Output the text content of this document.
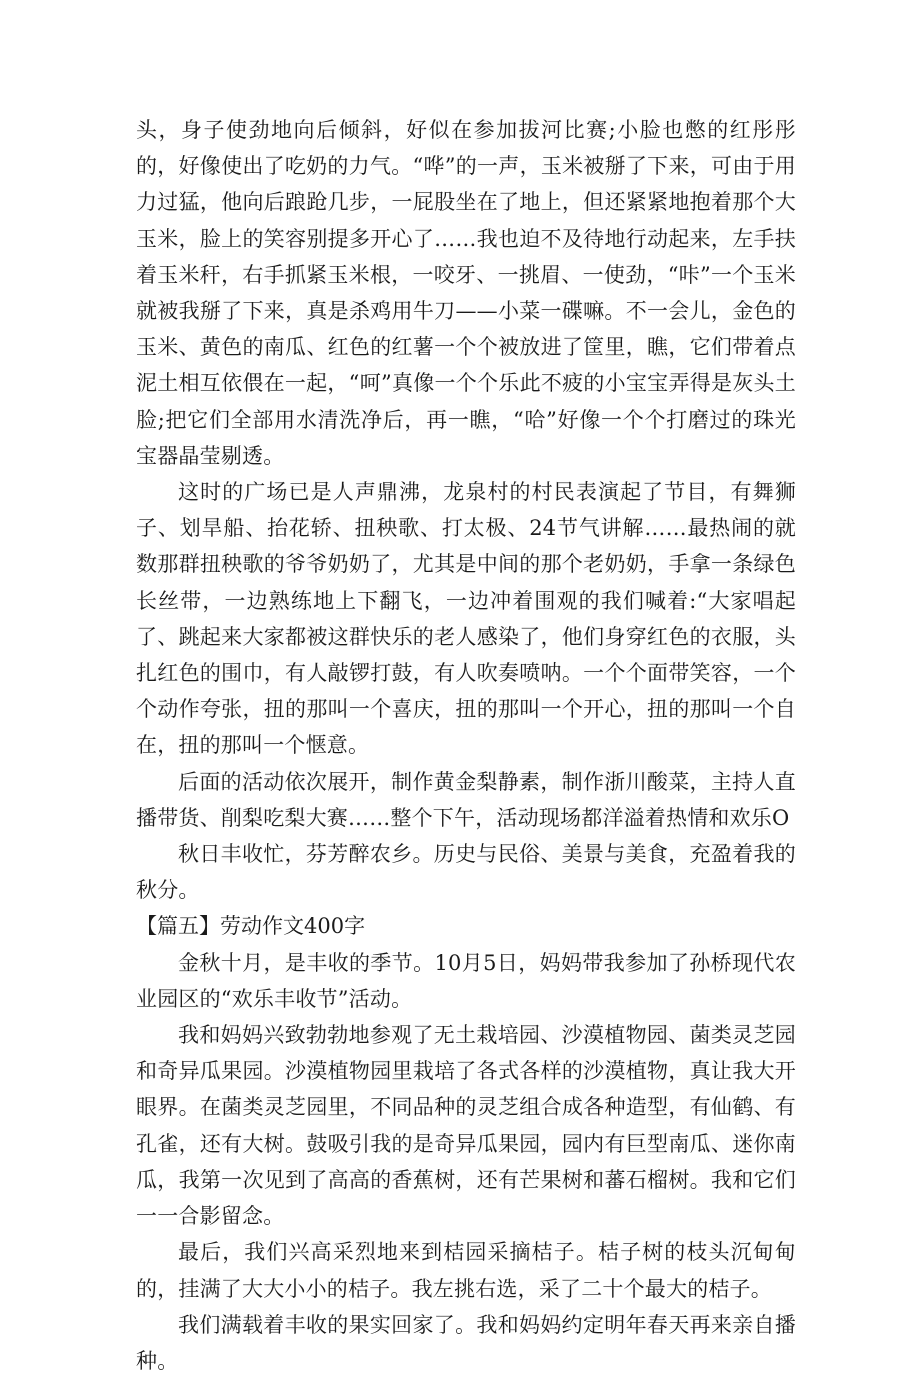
头，身子使劲地向后倾斜，好似在参加拔河比赛;小脸也憋的红彤彤的，好像使出了吃奶的力气。“哗”的一声，玉米被掰了下来，可由于用力过猛，他向后踉跄几步，一屁股坐在了地上，但还紧紧地抱着那个大玉米，脸上的笑容别提多开心了……我也迫不及待地行动起来，左手扶着玉米秆，右手抓紧玉米根，一咬牙、一挑眉、一使劲，“咔”一个玉米就被我掰了下来，真是杀鸡用牛刀——小菜一碟嘛。不一会儿，金色的玉米、黄色的南瓜、红色的红薯一个个被放进了筐里，瞧，它们带着点泥土相互依偎在一起，“呵”真像一个个乐此不疲的小宝宝弄得是灰头土脸;把它们全部用水清洗净后，再一瞧，“哈”好像一个个打磨过的珠光宝器晶莹剔透。

这时的广场已是人声鼎沸，龙泉村的村民表演起了节目，有舞狮子、划旱船、抬花轿、扭秧歌、打太极、24节气讲解……最热闹的就数那群扭秧歌的爷爷奶奶了，尤其是中间的那个老奶奶，手拿一条绿色长丝带，一边熟练地上下翻飞，一边冲着围观的我们喊着:“大家唱起了、跳起来大家都被这群快乐的老人感染了，他们身穿红色的衣服，头扎红色的围巾，有人敲锣打鼓，有人吹奏喷呐。一个个面带笑容，一个个动作夸张，扭的那叫一个喜庆，扭的那叫一个开心，扭的那叫一个自在，扭的那叫一个惬意。

后面的活动依次展开，制作黄金梨静素，制作浙川酸菜，主持人直播带货、削梨吃梨大赛……整个下午，活动现场都洋溢着热情和欢乐O

秋日丰收忙，芬芳醉农乡。历史与民俗、美景与美食，充盈着我的秋分。

【篇五】劳动作文400字

金秋十月，是丰收的季节。10月5日，妈妈带我参加了孙桥现代农业园区的“欢乐丰收节”活动。

我和妈妈兴致勃勃地参观了无土栽培园、沙漠植物园、菌类灵芝园和奇异瓜果园。沙漠植物园里栽培了各式各样的沙漠植物，真让我大开眼界。在菌类灵芝园里，不同品种的灵芝组合成各种造型，有仙鹤、有孔雀，还有大树。鼓吸引我的是奇异瓜果园，园内有巨型南瓜、迷你南瓜，我第一次见到了高高的香蕉树，还有芒果树和蕃石榴树。我和它们一一合影留念。

最后，我们兴高采烈地来到桔园采摘桔子。桔子树的枝头沉甸甸的，挂满了大大小小的桔子。我左挑右选，采了二十个最大的桔子。

我们满载着丰收的果实回家了。我和妈妈约定明年春天再来亲自播种。
